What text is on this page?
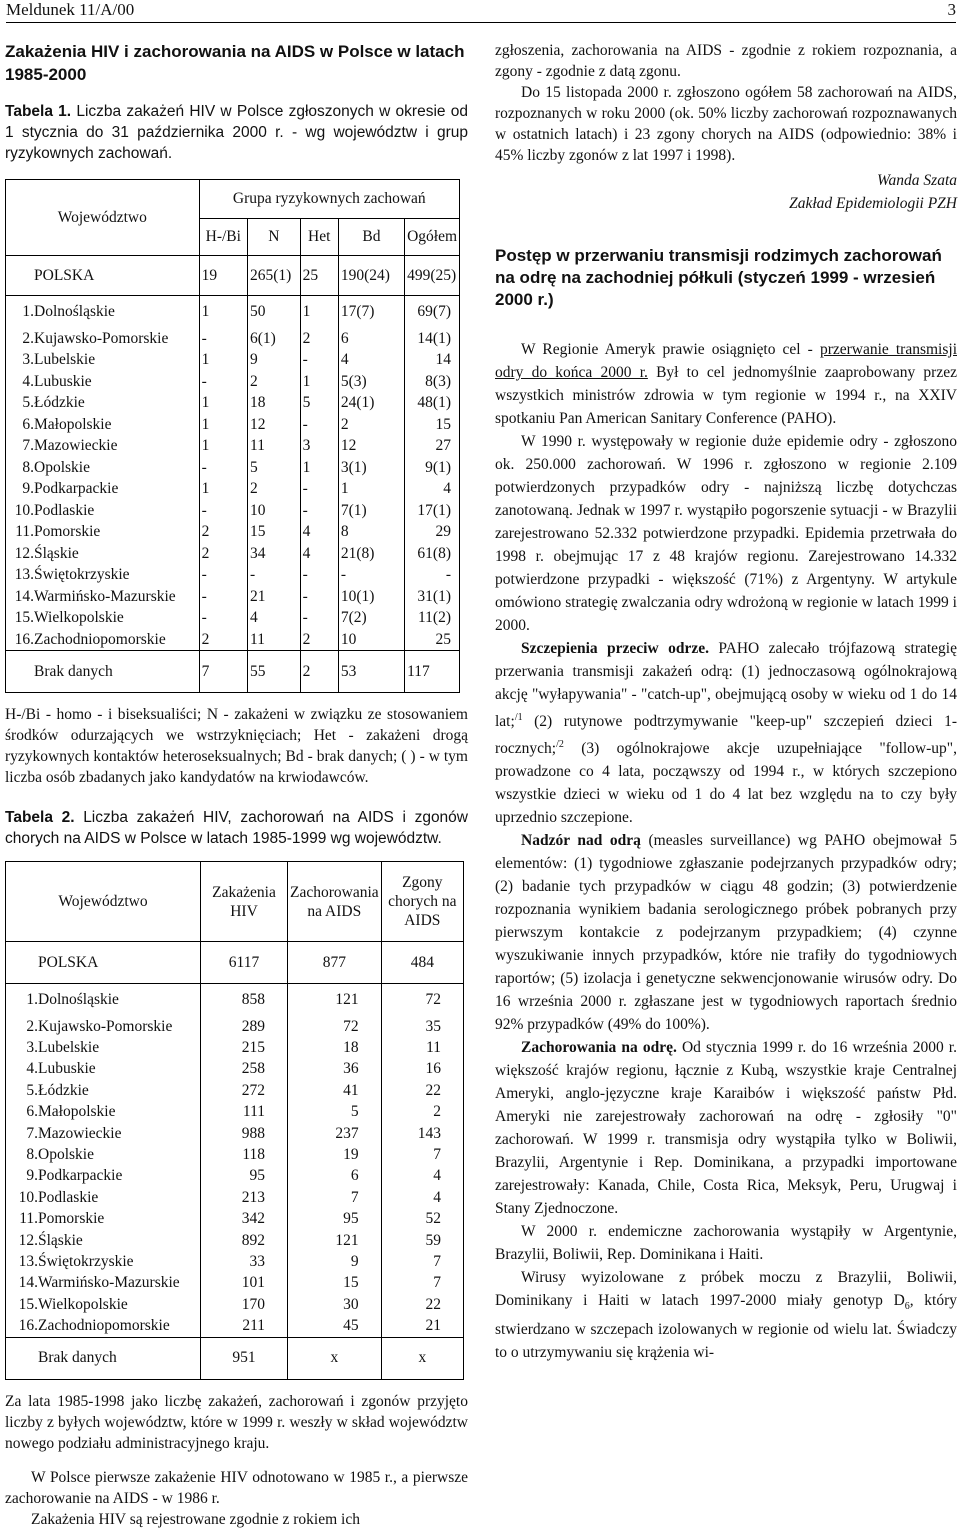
Meldunek 11/A/00	3

Zakażenia HIV i zachorowania na AIDS w Polsce w latach 1985-2000

Tabela 1. Liczba zakażeń HIV w Polsce zgłoszonych w okresie od 1 stycznia do 31 października 2000 r. - wg województw i grup ryzykownych zachowań.

Województwo	Grupa ryzykownych zachowań				
	H-/Bi	N	Het	Bd	Ogółem
POLSKA	19	265(1)	25	190(24)	499(25)
1.Dolnośląskie	1	50	1	17(7)	69(7)
2.Kujawsko-Pomorskie	-	6(1)	2	6	14(1)
3.Lubelskie	1	9	-	4	14
4.Lubuskie	-	2	1	5(3)	8(3)
5.Łódzkie	1	18	5	24(1)	48(1)
6.Małopolskie	1	12	-	2	15
7.Mazowieckie	1	11	3	12	27
8.Opolskie	-	5	1	3(1)	9(1)
9.Podkarpackie	1	2	-	1	4
10.Podlaskie	-	10	-	7(1)	17(1)
11.Pomorskie	2	15	4	8	29
12.Śląskie	2	34	4	21(8)	61(8)
13.Świętokrzyskie	-	-	-	-	-
14.Warmińsko-Mazurskie	-	21	-	10(1)	31(1)
15.Wielkopolskie	-	4	-	7(2)	11(2)
16.Zachodniopomorskie	2	11	2	10	25
Brak danych	7	55	2	53	117

H-/Bi - homo - i biseksualiści; N - zakażeni w związku ze stosowaniem środków odurzających we wstrzyknięciach; Het - zakażeni drogą ryzykownych kontaktów heteroseksualnych; Bd - brak danych; ( ) - w tym liczba osób zbadanych jako kandydatów na krwiodawców.

Tabela 2. Liczba zakażeń HIV, zachorowań na AIDS i zgonów chorych na AIDS w Polsce w latach 1985-1999 wg województw.

Województwo	Zakażenia HIV	Zachorowania na AIDS	Zgony chorych na AIDS
POLSKA	6117	877	484
1.Dolnośląskie	858	121	72
2.Kujawsko-Pomorskie	289	72	35
3.Lubelskie	215	18	11
4.Lubuskie	258	36	16
5.Łódzkie	272	41	22
6.Małopolskie	111	5	2
7.Mazowieckie	988	237	143
8.Opolskie	118	19	7
9.Podkarpackie	95	6	4
10.Podlaskie	213	7	4
11.Pomorskie	342	95	52
12.Śląskie	892	121	59
13.Świętokrzyskie	33	9	7
14.Warmińsko-Mazurskie	101	15	7
15.Wielkopolskie	170	30	22
16.Zachodniopomorskie	211	45	21
Brak danych	951	x	x

Za lata 1985-1998 jako liczbę zakażeń, zachorowań i zgonów przyjęto liczby z byłych województw, które w 1999 r. weszły w skład województw nowego podziału administracyjnego kraju.

W Polsce pierwsze zakażenie HIV odnotowano w 1985 r., a pierwsze zachorowanie na AIDS - w 1986 r.

Zakażenia HIV są rejestrowane zgodnie z rokiem ich

zgłoszenia, zachorowania na AIDS - zgodnie z rokiem rozpoznania, a zgony - zgodnie z datą zgonu.

Do 15 listopada 2000 r. zgłoszono ogółem 58 zachorowań na AIDS, rozpoznanych w roku 2000 (ok. 50% liczby zachorowań rozpoznawanych w ostatnich latach) i 23 zgony chorych na AIDS (odpowiednio: 38% i 45% liczby zgonów z lat 1997 i 1998).

Wanda Szata

Zakład Epidemiologii PZH

Postęp w przerwaniu transmisji rodzimych zachorowań na odrę na zachodniej półkuli (styczeń 1999 - wrzesień 2000 r.)

W Regionie Ameryk prawie osiągnięto cel - przerwanie transmisji odry do końca 2000 r. Był to cel jednomyślnie zaaprobowany przez wszystkich ministrów zdrowia w tym regionie w 1994 r., na XXIV spotkaniu Pan American Sanitary Conference (PAHO).

W 1990 r. występowały w regionie duże epidemie odry - zgłoszono ok. 250.000 zachorowań. W 1996 r. zgłoszono w regionie 2.109 potwierdzonych przypadków odry - najniższą liczbę dotychczas zanotowaną. Jednak w 1997 r. wystąpiło pogorszenie sytuacji - w Brazylii zarejestrowano 52.332 potwierdzone przypadki. Epidemia przetrwała do 1998 r. obejmując 17 z 48 krajów regionu. Zarejestrowano 14.332 potwierdzone przypadki - większość (71%) z Argentyny. W artykule omówiono strategię zwalczania odry wdrożoną w regionie w latach 1999 i 2000.

Szczepienia przeciw odrze. PAHO zalecało trójfazową strategię przerwania transmisji zakażeń odrą: (1) jednoczasową ogólnokrajową akcję "wyłapywania" - "catch-up", obejmującą osoby w wieku od 1 do 14 lat;$^{/1}$ (2) rutynowe podtrzymywanie "keep-up" szczepień dzieci 1-rocznych;$^{/2}$ (3) ogólnokrajowe akcje uzupełniające "follow-up", prowadzone co 4 lata, począwszy od 1994 r., w których szczepiono wszystkie dzieci w wieku od 1 do 4 lat bez względu na to czy były uprzednio szczepione.

Nadzór nad odrą (measles surveillance) wg PAHO obejmował 5 elementów: (1) tygodniowe zgłaszanie podejrzanych przypadków odry; (2) badanie tych przypadków w ciągu 48 godzin; (3) potwierdzenie rozpoznania wynikiem badania serologicznego próbek pobranych przy pierwszym kontakcie z podejrzanym przypadkiem; (4) czynne wyszukiwanie innych przypadków, które nie trafiły do tygodniowych raportów; (5) izolacja i genetyczne sekwencjonowanie wirusów odry. Do 16 września 2000 r. zgłaszane jest w tygodniowych raportach średnio 92% przypadków (49% do 100%).

Zachorowania na odrę. Od stycznia 1999 r. do 16 września 2000 r. większość krajów regionu, łącznie z Kubą, wszystkie kraje Centralnej Ameryki, anglo-języczne kraje Karaibów i większość państw Płd. Ameryki nie zarejestrowały zachorowań na odrę - zgłosiły "0" zachorowań. W 1999 r. transmisja odry wystąpiła tylko w Boliwii, Brazylii, Argentynie i Rep. Dominikana, a przypadki importowane zarejestrowały: Kanada, Chile, Costa Rica, Meksyk, Peru, Urugwaj i Stany Zjednoczone.

W 2000 r. endemiczne zachorowania wystąpiły w Argentynie, Brazylii, Boliwii, Rep. Dominikana i Haiti.

Wirusy wyizolowane z próbek moczu z Brazylii, Boliwii, Dominikany i Haiti w latach 1997-2000 miały genotyp $D_6$, który stwierdzano w szczepach izolowanych w regionie od wielu lat. Świadczy to o utrzymywaniu się krążenia wi-
